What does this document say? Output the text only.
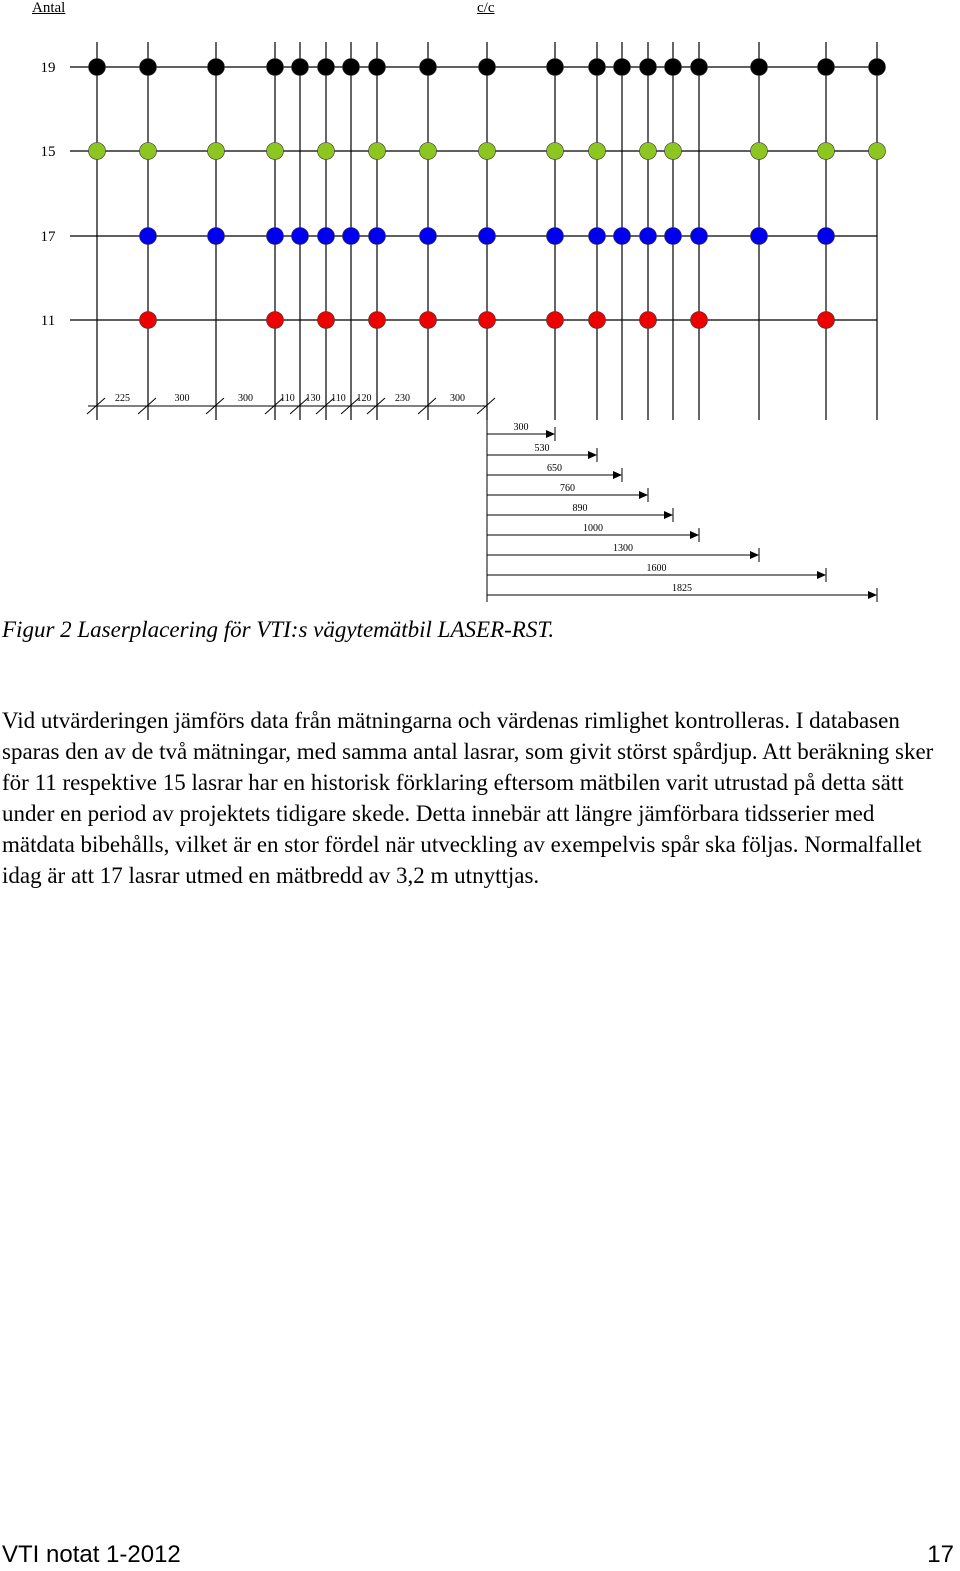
Antal	c/c
19
15
17
11
225	300	300	110 130 110 120 230	300
300
530
650
760
890
1000
1300
1600
1825

Figur 2 Laserplacering för VTI:s vägytemätbil LASER-RST.

Vid utvärderingen jämförs data från mätningarna och värdenas rimlighet kontrolleras. I databasen sparas den av de två mätningar, med samma antal lasrar, som givit störst spårdjup. Att beräkning sker för 11 respektive 15 lasrar har en historisk förklaring eftersom mätbilen varit utrustad på detta sätt under en period av projektets tidigare skede. Detta innebär att längre jämförbara tidsserier med mätdata bibehålls, vilket är en stor fördel när utveckling av exempelvis spår ska följas. Normalfallet idag är att 17 lasrar utmed en mätbredd av 3,2 m utnyttjas.

VTI notat 1-2012	17
